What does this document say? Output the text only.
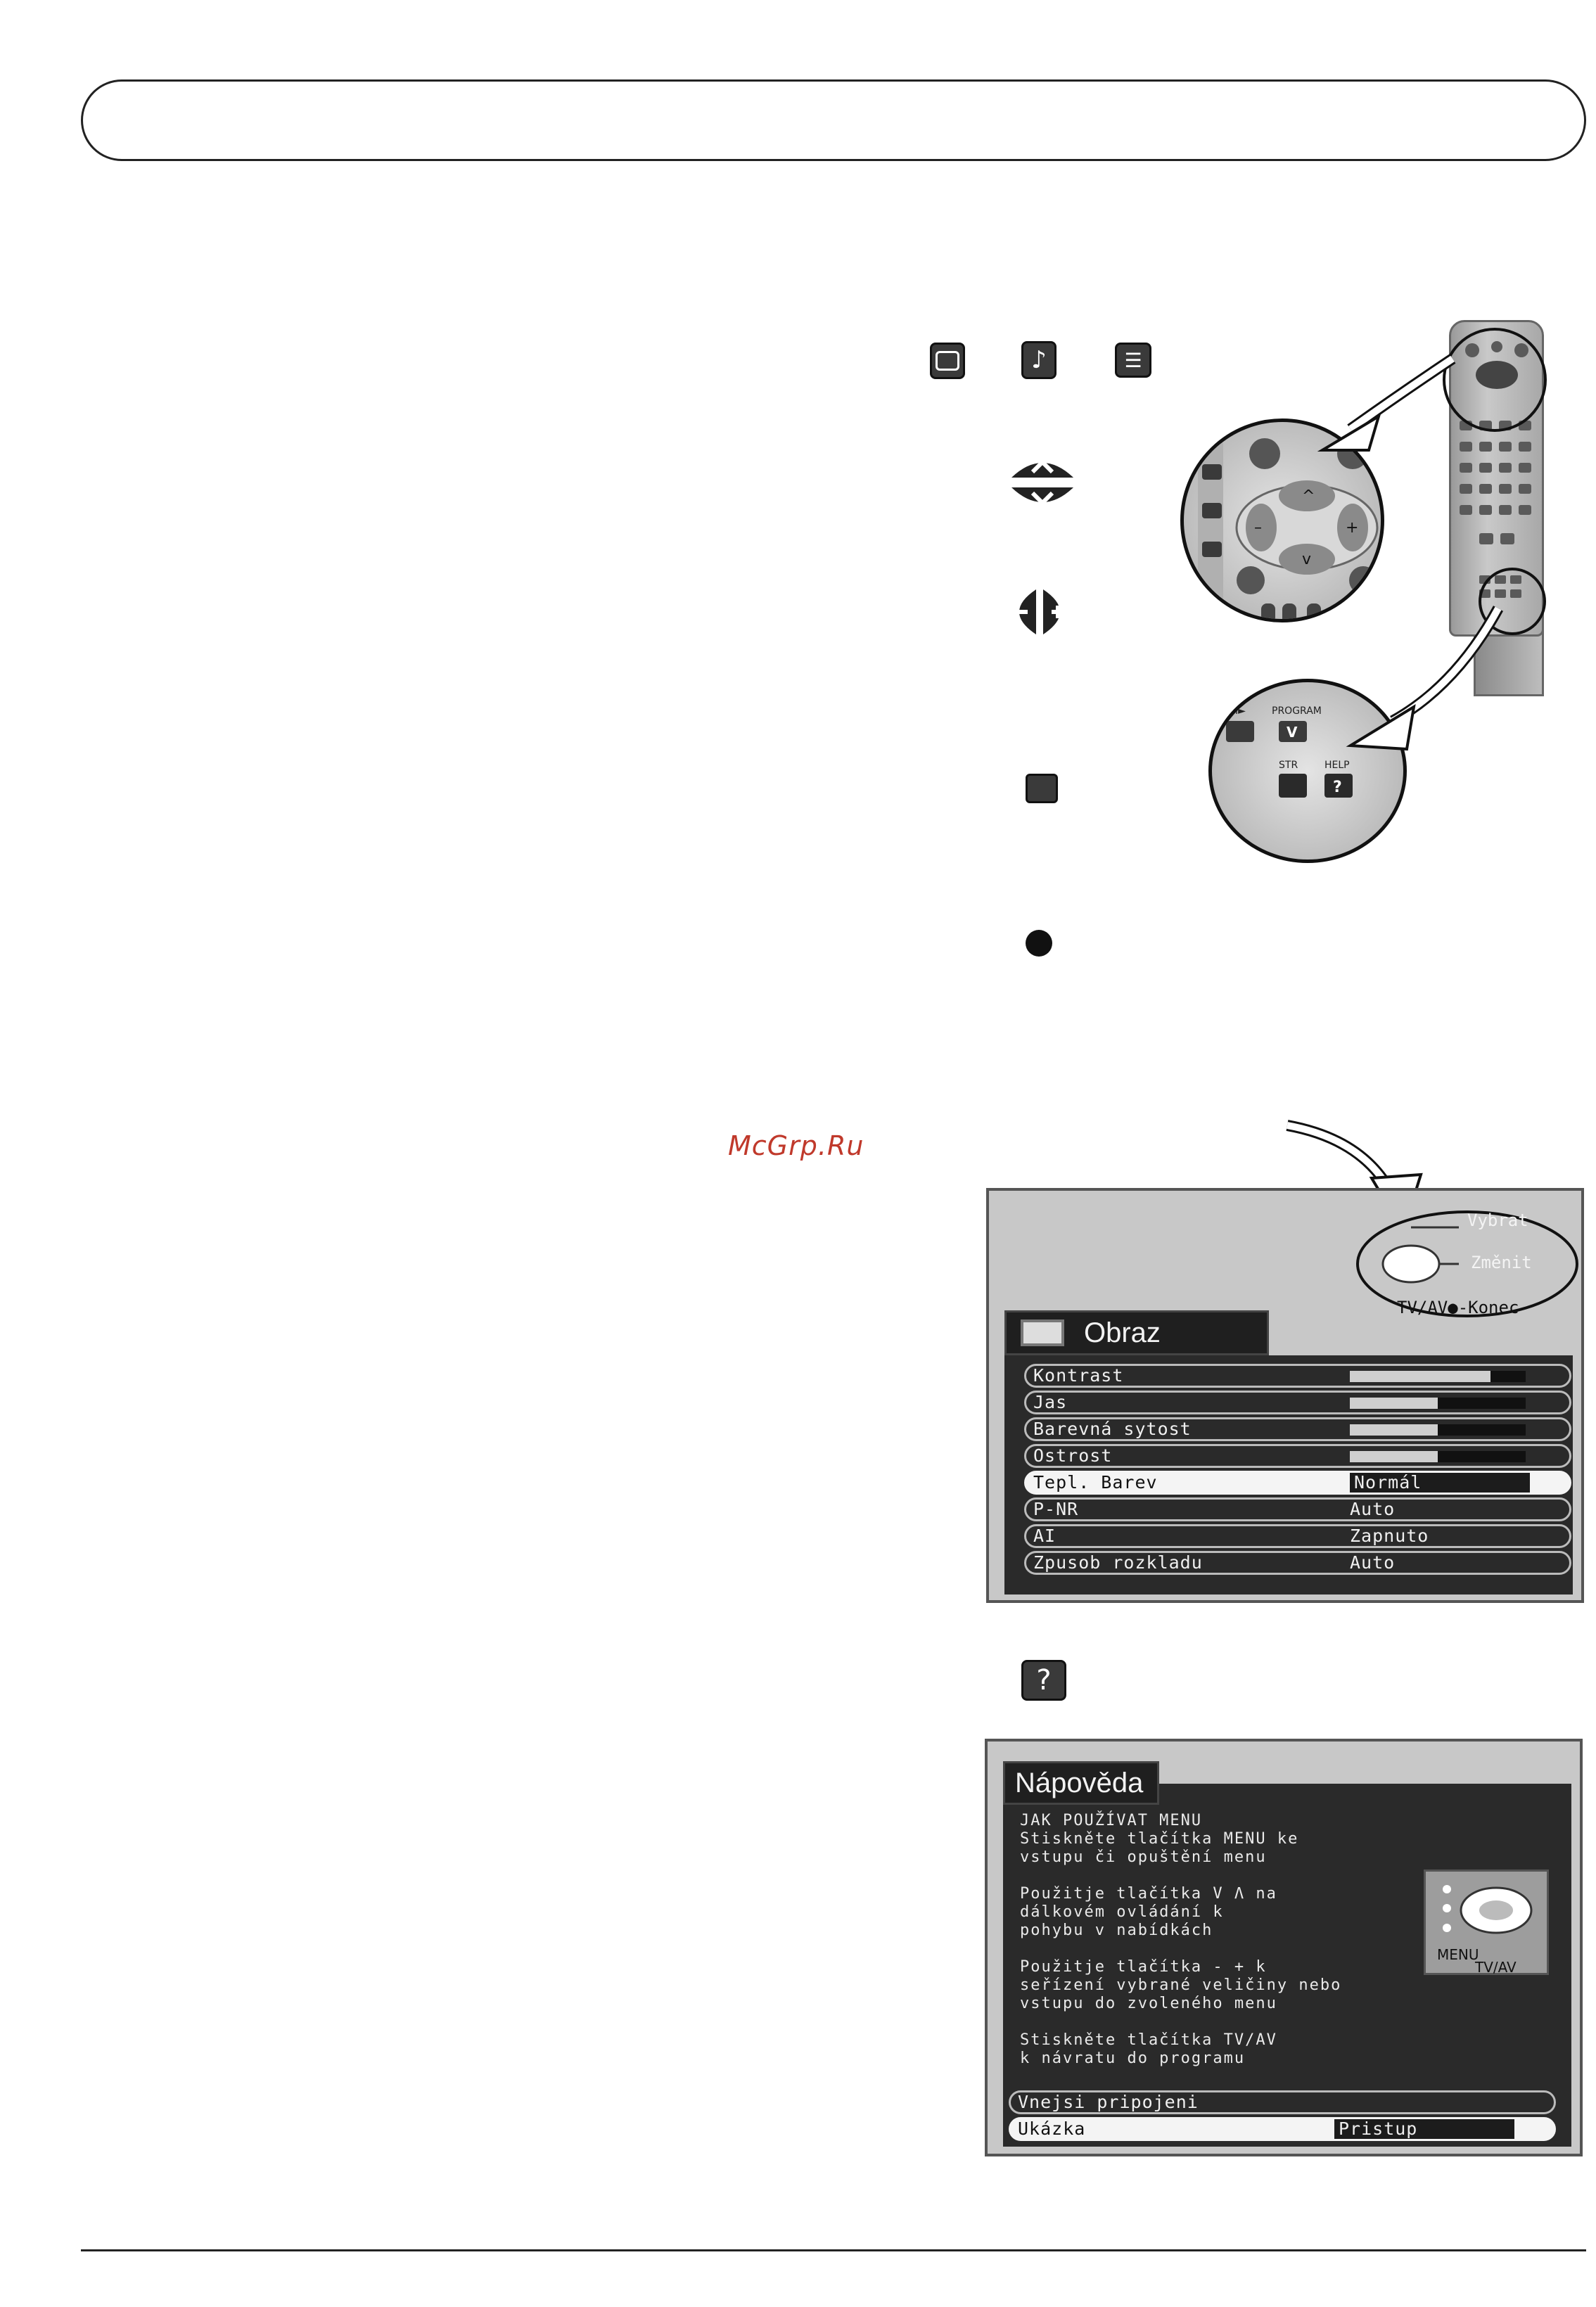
McGrp.Ru
♪	☰
^
v
–	+
II/I►	PROGRAM
V
STR	HELP
?
Vybrat
Změnit
TV/AV●-Konec
Obraz
Kontrast
Jas
Barevná sytost
Ostrost
Tepl. Barev	Normál
P-NR	Auto
AI	Zapnuto
Zpusob rozkladu	Auto
?
Nápověda
JAK POUŽÍVAT MENU
Stiskněte tlačítka MENU ke
vstupu či opuštění menu

Použitje tlačítka V Λ na
dálkovém ovládání k
pohybu v nabídkách

Použitje tlačítka - + k
seřízení vybrané veličiny nebo
vstupu do zvoleného menu

Stiskněte tlačítka TV/AV
k návratu do programu
MENU
TV/AV
Vnejsi pripojeni
Ukázka	Pristup
